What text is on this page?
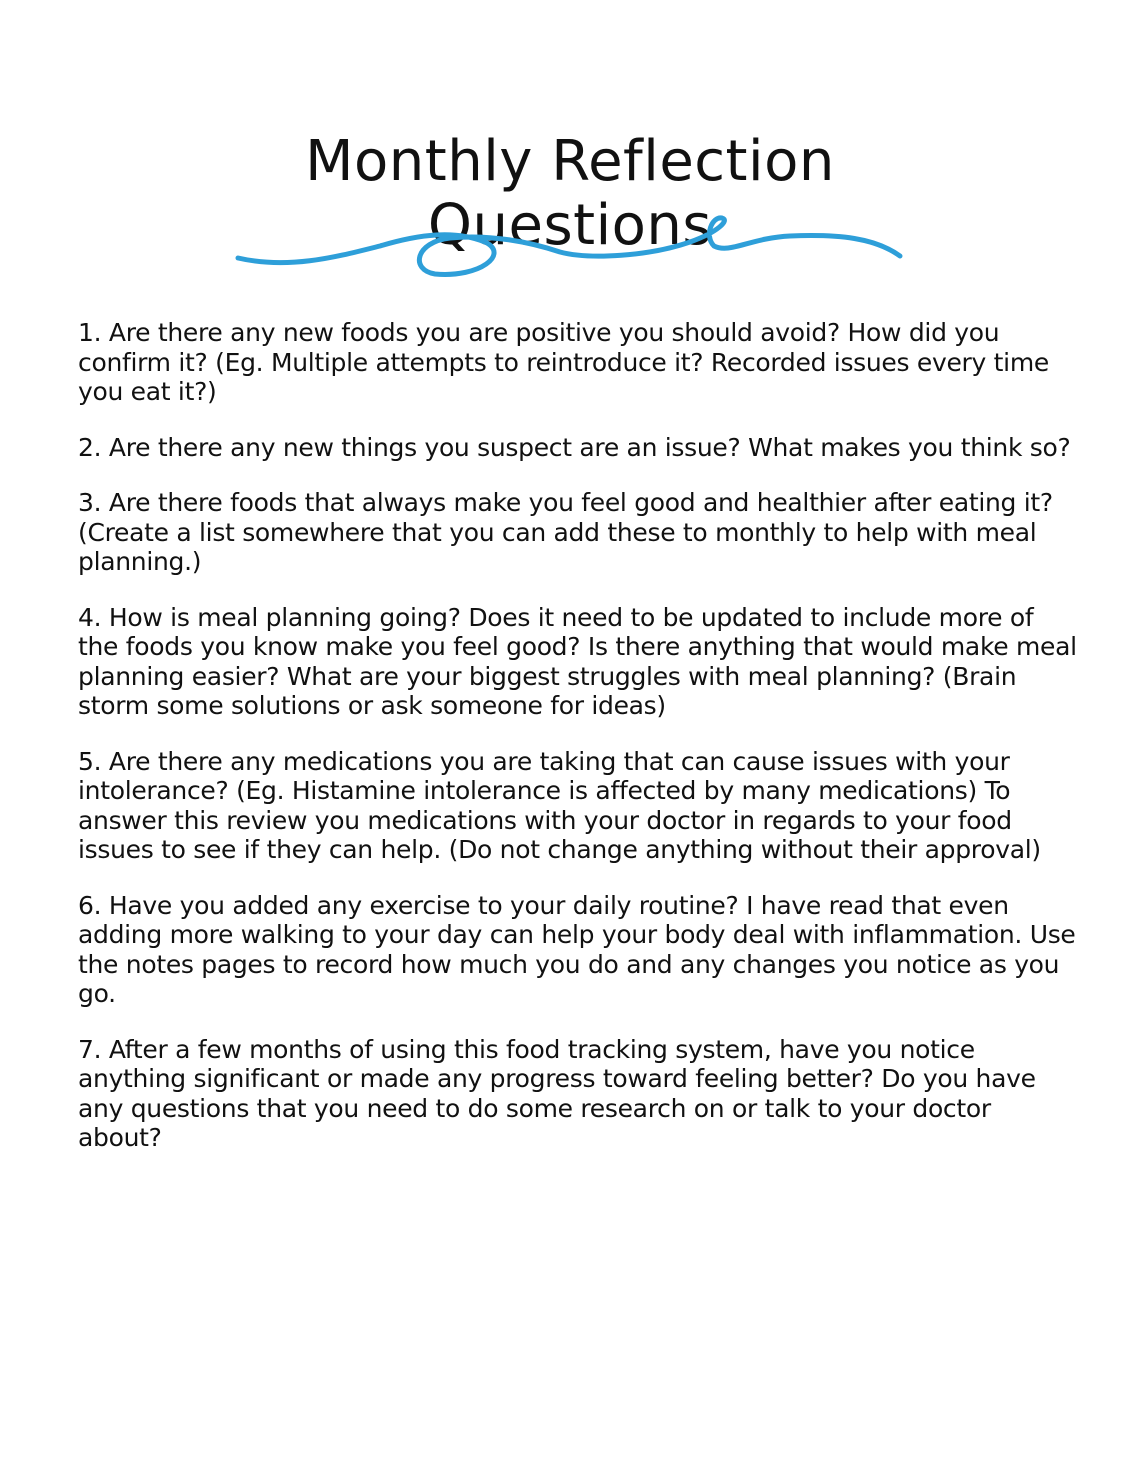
Monthly Reflection
Questions

1. Are there any new foods you are positive you should avoid? How did you confirm it? (Eg. Multiple attempts to reintroduce it? Recorded issues every time you eat it?)

2. Are there any new things you suspect are an issue? What makes you think so?

3. Are there foods that always make you feel good and healthier after eating it? (Create a list somewhere that you can add these to monthly to help with meal planning.)

4. How is meal planning going? Does it need to be updated to include more of the foods you know make you feel good? Is there anything that would make meal planning easier? What are your biggest struggles with meal planning? (Brain storm some solutions or ask someone for ideas)

5. Are there any medications you are taking that can cause issues with your intolerance? (Eg. Histamine intolerance is affected by many medications) To answer this review you medications with your doctor in regards to your food issues to see if they can help. (Do not change anything without their approval)

6. Have you added any exercise to your daily routine? I have read that even adding more walking to your day can help your body deal with inflammation. Use the notes pages to record how much you do and any changes you notice as you go.

7. After a few months of using this food tracking system, have you notice anything significant or made any progress toward feeling better? Do you have any questions that you need to do some research on or talk to your doctor about?
